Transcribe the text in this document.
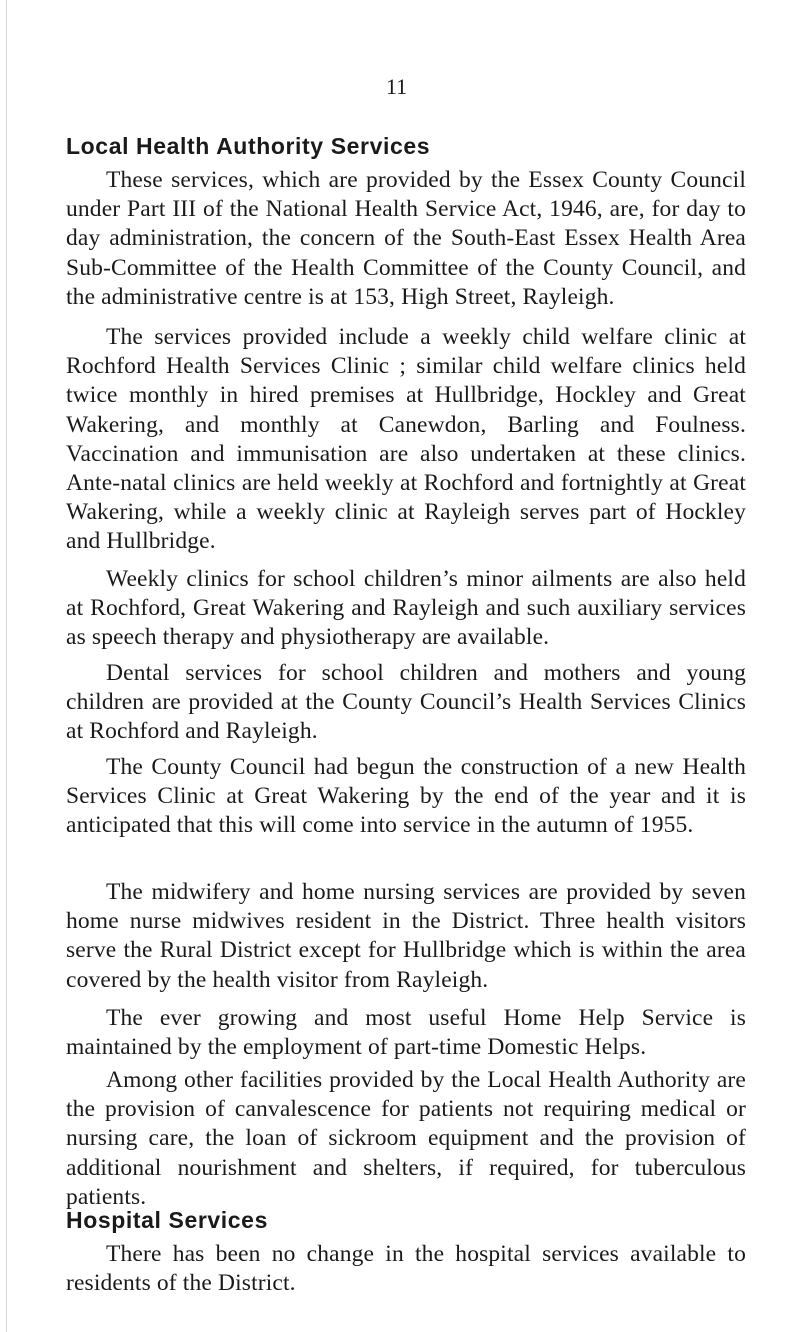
11
Local Health Authority Services

These services, which are provided by the Essex County Council under Part III of the National Health Service Act, 1946, are, for day to day administration, the concern of the South-East Essex Health Area Sub-Committee of the Health Committee of the County Council, and the administrative centre is at 153, High Street, Rayleigh.

The services provided include a weekly child welfare clinic at Rochford Health Services Clinic ; similar child welfare clinics held twice monthly in hired premises at Hullbridge, Hockley and Great Wakering, and monthly at Canewdon, Barling and Foulness. Vaccination and immunisation are also undertaken at these clinics. Ante-natal clinics are held weekly at Rochford and fortnightly at Great Wakering, while a weekly clinic at Rayleigh serves part of Hockley and Hullbridge.

Weekly clinics for school children’s minor ailments are also held at Rochford, Great Wakering and Rayleigh and such auxiliary services as speech therapy and physiotherapy are available.

Dental services for school children and mothers and young children are provided at the County Council’s Health Services Clinics at Rochford and Rayleigh.

The County Council had begun the construction of a new Health Services Clinic at Great Wakering by the end of the year and it is anticipated that this will come into service in the autumn of 1955.

The midwifery and home nursing services are provided by seven home nurse midwives resident in the District. Three health visitors serve the Rural District except for Hullbridge which is within the area covered by the health visitor from Rayleigh.

The ever growing and most useful Home Help Service is maintained by the employment of part-time Domestic Helps.

Among other facilities provided by the Local Health Authority are the provision of canvalescence for patients not requiring medical or nursing care, the loan of sickroom equipment and the provision of additional nourishment and shelters, if required, for tuberculous patients.

Hospital Services

There has been no change in the hospital services available to residents of the District.
